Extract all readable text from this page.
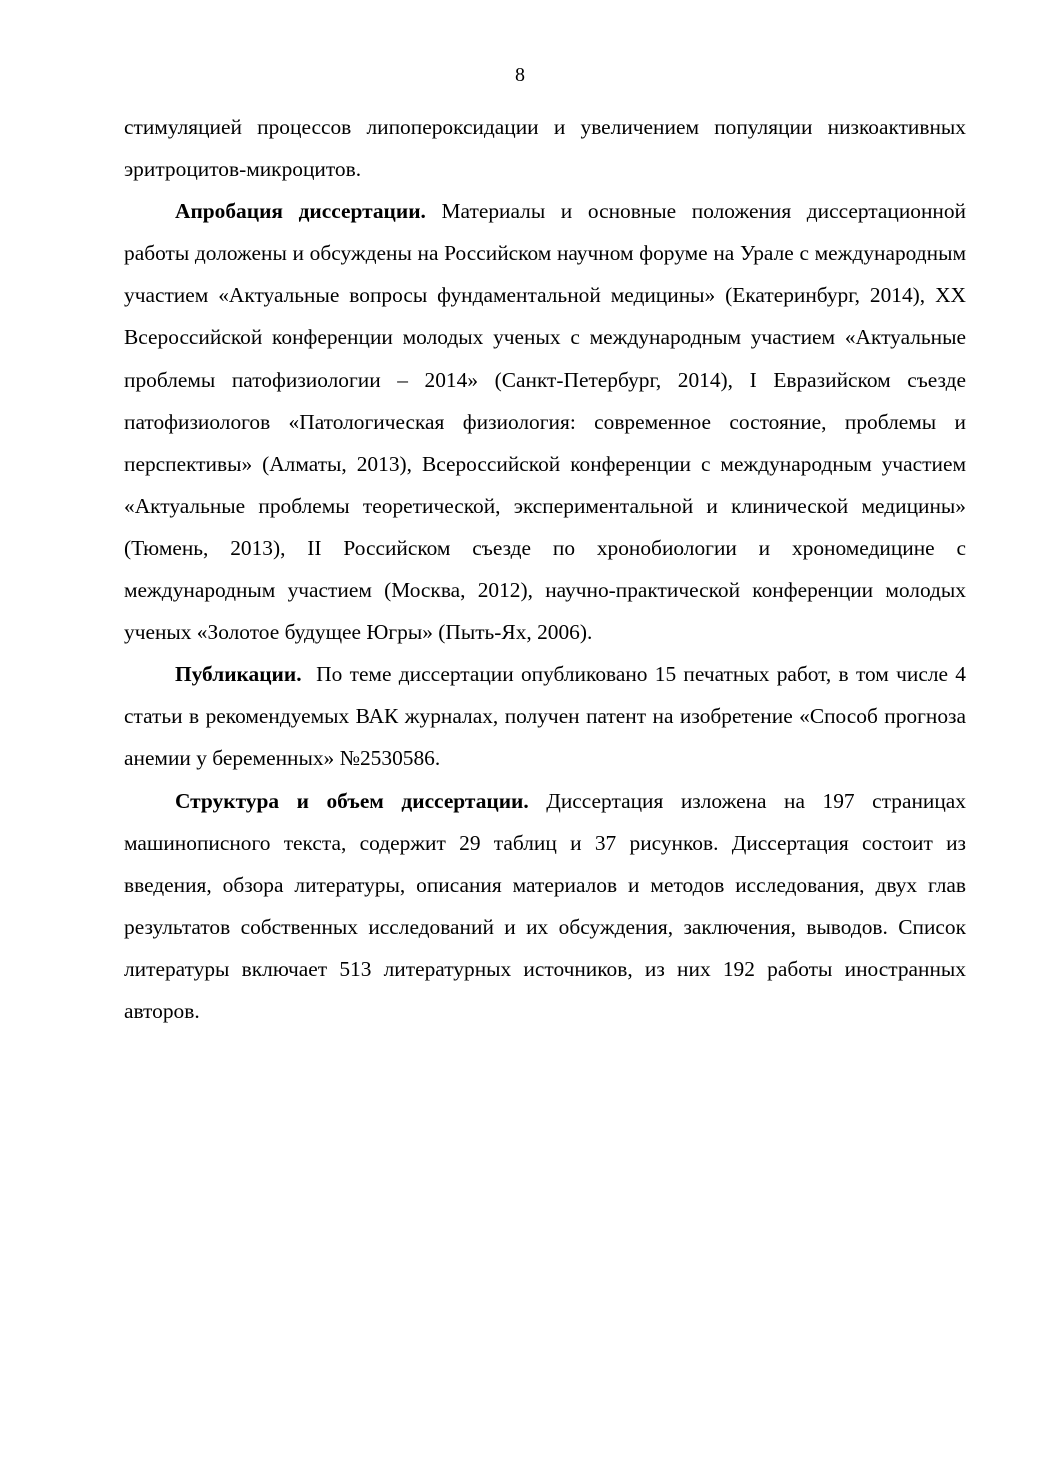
8

стимуляцией процессов липопероксидации и увеличением популяции низкоактивных эритроцитов-микроцитов.

Апробация диссертации. Материалы и основные положения диссертационной работы доложены и обсуждены на Российском научном форуме на Урале с международным участием «Актуальные вопросы фундаментальной медицины» (Екатеринбург, 2014), XX Всероссийской конференции молодых ученых с международным участием «Актуальные проблемы патофизиологии – 2014» (Санкт-Петербург, 2014), I Евразийском съезде патофизиологов «Патологическая физиология: современное состояние, проблемы и перспективы» (Алматы, 2013), Всероссийской конференции с международным участием «Актуальные проблемы теоретической, экспериментальной и клинической медицины» (Тюмень, 2013), II Российском съезде по хронобиологии и хрономедицине с международным участием (Москва, 2012), научно-практической конференции молодых ученых «Золотое будущее Югры» (Пыть-Ях, 2006).

Публикации. По теме диссертации опубликовано 15 печатных работ, в том числе 4 статьи в рекомендуемых ВАК журналах, получен патент на изобретение «Способ прогноза анемии у беременных» №2530586.

Структура и объем диссертации. Диссертация изложена на 197 страницах машинописного текста, содержит 29 таблиц и 37 рисунков. Диссертация состоит из введения, обзора литературы, описания материалов и методов исследования, двух глав результатов собственных исследований и их обсуждения, заключения, выводов. Список литературы включает 513 литературных источников, из них 192 работы иностранных авторов.
